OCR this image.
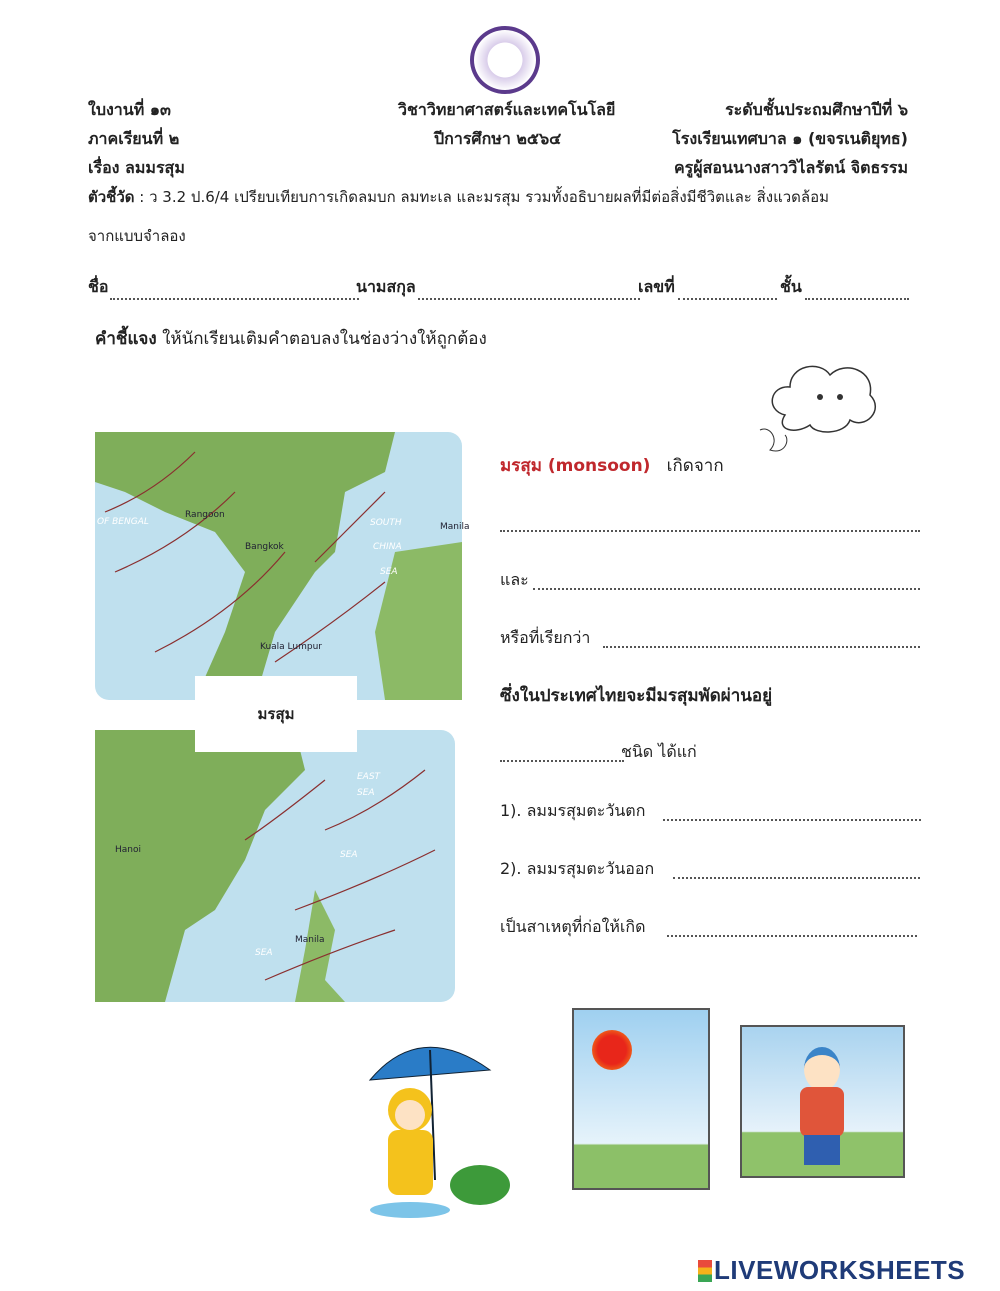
ใบงานที่ ๑๓	วิชาวิทยาศาสตร์และเทคโนโลยี	ระดับชั้นประถมศึกษาปีที่ ๖
ภาคเรียนที่ ๒	ปีการศึกษา ๒๕๖๔	โรงเรียนเทศบาล ๑ (ขจรเนติยุทธ)
เรื่อง ลมมรสุม	ครูผู้สอนนางสาววิไลรัตน์ จิตธรรม
ตัวชี้วัด : ว 3.2 ป.6/4 เปรียบเทียบการเกิดลมบก ลมทะเล และมรสุม รวมทั้งอธิบายผลที่มีต่อสิ่งมีชีวิตและ สิ่งแวดล้อม
จากแบบจำลอง
ชื่อ	นามสกุล	เลขที่	ชั้น
คำชี้แจง ให้นักเรียนเติมคำตอบลงในช่องว่างให้ถูกต้อง
OF BENGAL
Rangoon
Bangkok
SOUTH
CHINA
SEA
Kuala Lumpur
Manila
EAST
SEA
Hanoi	SEA
Manila
SEA
มรสุม
มรสุม (monsoon) เกิดจาก
และ
หรือที่เรียกว่า
ซึ่งในประเทศไทยจะมีมรสุมพัดผ่านอยู่
ชนิด ได้แก่
1). ลมมรสุมตะวันตก
2). ลมมรสุมตะวันออก
เป็นสาเหตุที่ก่อให้เกิด
LIVEWORKSHEETS
